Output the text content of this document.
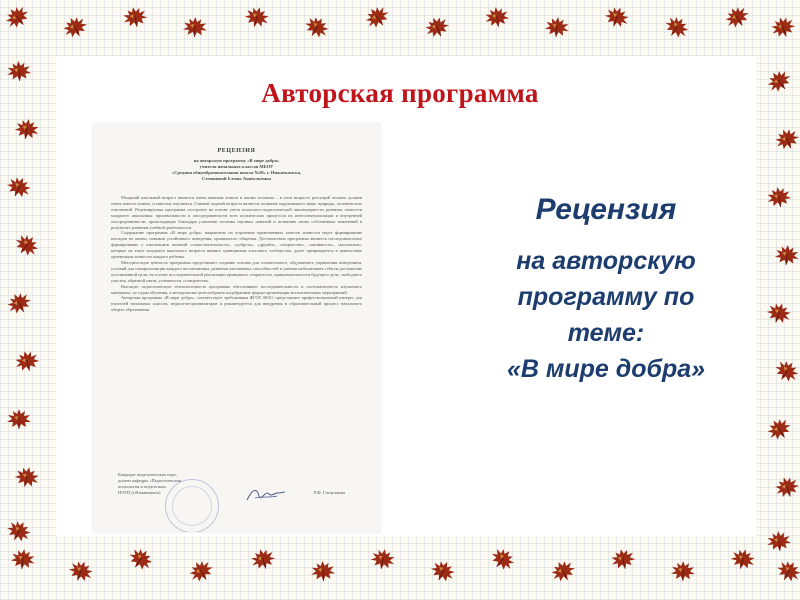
Авторская программа
РЕЦЕНЗИЯ
на авторскую программу «В мире добра»
учителя начальных классов МБОУ
«Средняя общеобразовательная школа №20» г. Нижнекамска,
Степановой Елены Анатольевны

Младший школьный возраст является очень важным этапом в жизни человека – в этом возрасте растущий человек должен очень многое понять, и многому научиться. Главной задачей возраста является познание окружающего мира: природы, человеческих отношений. Рецензируемая программа построена на основе учета психолого-педагогической закономерности развития личности младшего школьника: произвольности и опосредованности всех психических процессов их интеллектуализации и внутренней опосредованности, происходящих благодаря усвоению системы научных понятий и познанию своих собственных изменений в результате развития учебной деятельности.

Содержание программы «В мире добра» направлено на упрочение нравственных качеств личности через формирование взглядов на жизнь, навыков устойчивого поведения, правильного общения. Достоинством программы является последовательное формирование у школьников понятий «самостоятельность», «доброта», «дружба», «творчество», «активность», «коллектив», которые на этапе младшего школьного возраста являясь принципами классного сообщества, далее превращаются в ценностные ориентации личности каждого ребенка.

Методическую ценность программы представляет создание основы для сознательного, обдуманного управления поведением, условий для самореализации каждого воспитанника, развития умственных способностей и умения мобилизовать себя на достижение поставленной цели, на основе последовательной реализации принципов: открытости, привлекательности будущего дела, свободного участия, обратной связи, успешности, сотворчества.

Высокую педагогическую технологичность программы обеспечивает последовательность и систематичность изучаемого материала, по годам обучения, а методически целесообразно подобранные формы организации воспитательных мероприятий.

Авторская программа «В мире добра», соответствует требованиям ФГОС НОО, представляет профессиональный интерес для учителей начальных классов, педагогов-организаторов и рекомендуется для внедрения в образовательный процесс начального общего образования.

Кандидат педагогических наук,
доцент кафедры «Педагогическая
психология и педагогика»
НЭУП (г.Нижнекамск)	Р.Ф. Гатауллина
Рецензия
на авторскую
программу по
теме:
«В мире добра»
